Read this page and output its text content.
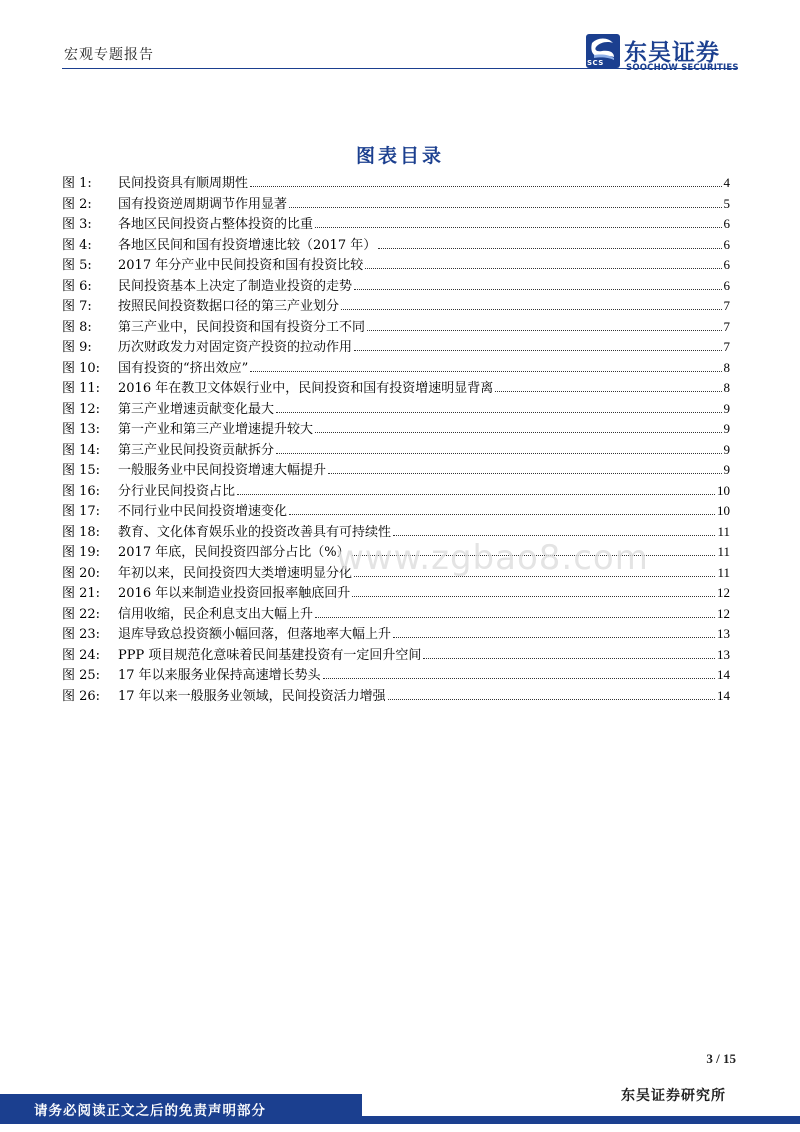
宏观专题报告	SCS 东吴证券
SOOCHOW SECURITIES
图表目录
图 1:	民间投资具有顺周期性	4
图 2:	国有投资逆周期调节作用显著	5
图 3:	各地区民间投资占整体投资的比重	6
图 4:	各地区民间和国有投资增速比较（2017 年）	6
图 5:	2017 年分产业中民间投资和国有投资比较	6
图 6:	民间投资基本上决定了制造业投资的走势	6
图 7:	按照民间投资数据口径的第三产业划分	7
图 8:	第三产业中，民间投资和国有投资分工不同	7
图 9:	历次财政发力对固定资产投资的拉动作用	7
图 10:	国有投资的“挤出效应”	8
图 11:	2016 年在教卫文体娱行业中，民间投资和国有投资增速明显背离	8
图 12:	第三产业增速贡献变化最大	9
图 13:	第一产业和第三产业增速提升较大	9
图 14:	第三产业民间投资贡献拆分	9
图 15:	一般服务业中民间投资增速大幅提升	9
图 16:	分行业民间投资占比	10
图 17:	不同行业中民间投资增速变化	10
图 18:	教育、文化体育娱乐业的投资改善具有可持续性	11
图 19:	2017 年底，民间投资四部分占比（%）	11
图 20:	年初以来，民间投资四大类增速明显分化	11
图 21:	2016 年以来制造业投资回报率触底回升	12
图 22:	信用收缩，民企利息支出大幅上升	12
图 23:	退库导致总投资额小幅回落，但落地率大幅上升	13
图 24:	PPP 项目规范化意味着民间基建投资有一定回升空间	13
图 25:	17 年以来服务业保持高速增长势头	14
图 26:	17 年以来一般服务业领域，民间投资活力增强	14
www.zgbao8.com
3 / 15
请务必阅读正文之后的免责声明部分
东吴证券研究所
